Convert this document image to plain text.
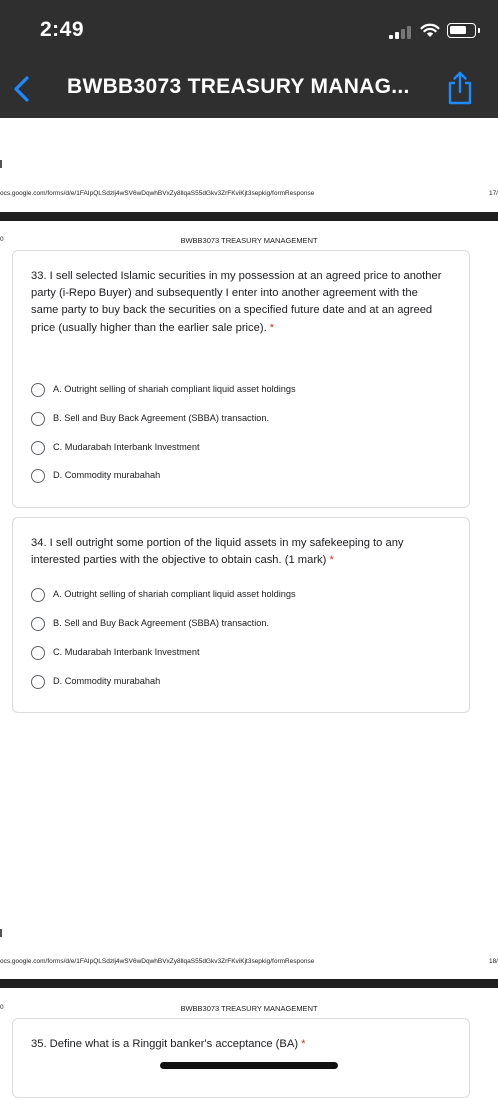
2:49
BWBB3073 TREASURY MANAG...
ocs.google.com/forms/d/e/1FAIpQLSdzlj4wSV6wDqwhBVxZy8llqaS55dGkv3ZrFKviKjt3sepkig/formResponse	17/
0	BWBB3073 TREASURY MANAGEMENT
33. I sell selected Islamic securities in my possession at an agreed price to another party (i-Repo Buyer) and subsequently I enter into another agreement with the same party to buy back the securities on a specified future date and at an agreed price (usually higher than the earlier sale price). *
A. Outright selling of shariah compliant liquid asset holdings
B. Sell and Buy Back Agreement (SBBA) transaction.
C. Mudarabah Interbank Investment
D. Commodity murabahah
34. I sell outright some portion of the liquid assets in my safekeeping to any interested parties with the objective to obtain cash. (1 mark) *
A. Outright selling of shariah compliant liquid asset holdings
B. Sell and Buy Back Agreement (SBBA) transaction.
C. Mudarabah Interbank Investment
D. Commodity murabahah
ocs.google.com/forms/d/e/1FAIpQLSdzlj4wSV6wDqwhBVxZy8llqaS55dGkv3ZrFKviKjt3sepkig/formResponse	18/
0	BWBB3073 TREASURY MANAGEMENT
35. Define what is a Ringgit banker's acceptance (BA) *
